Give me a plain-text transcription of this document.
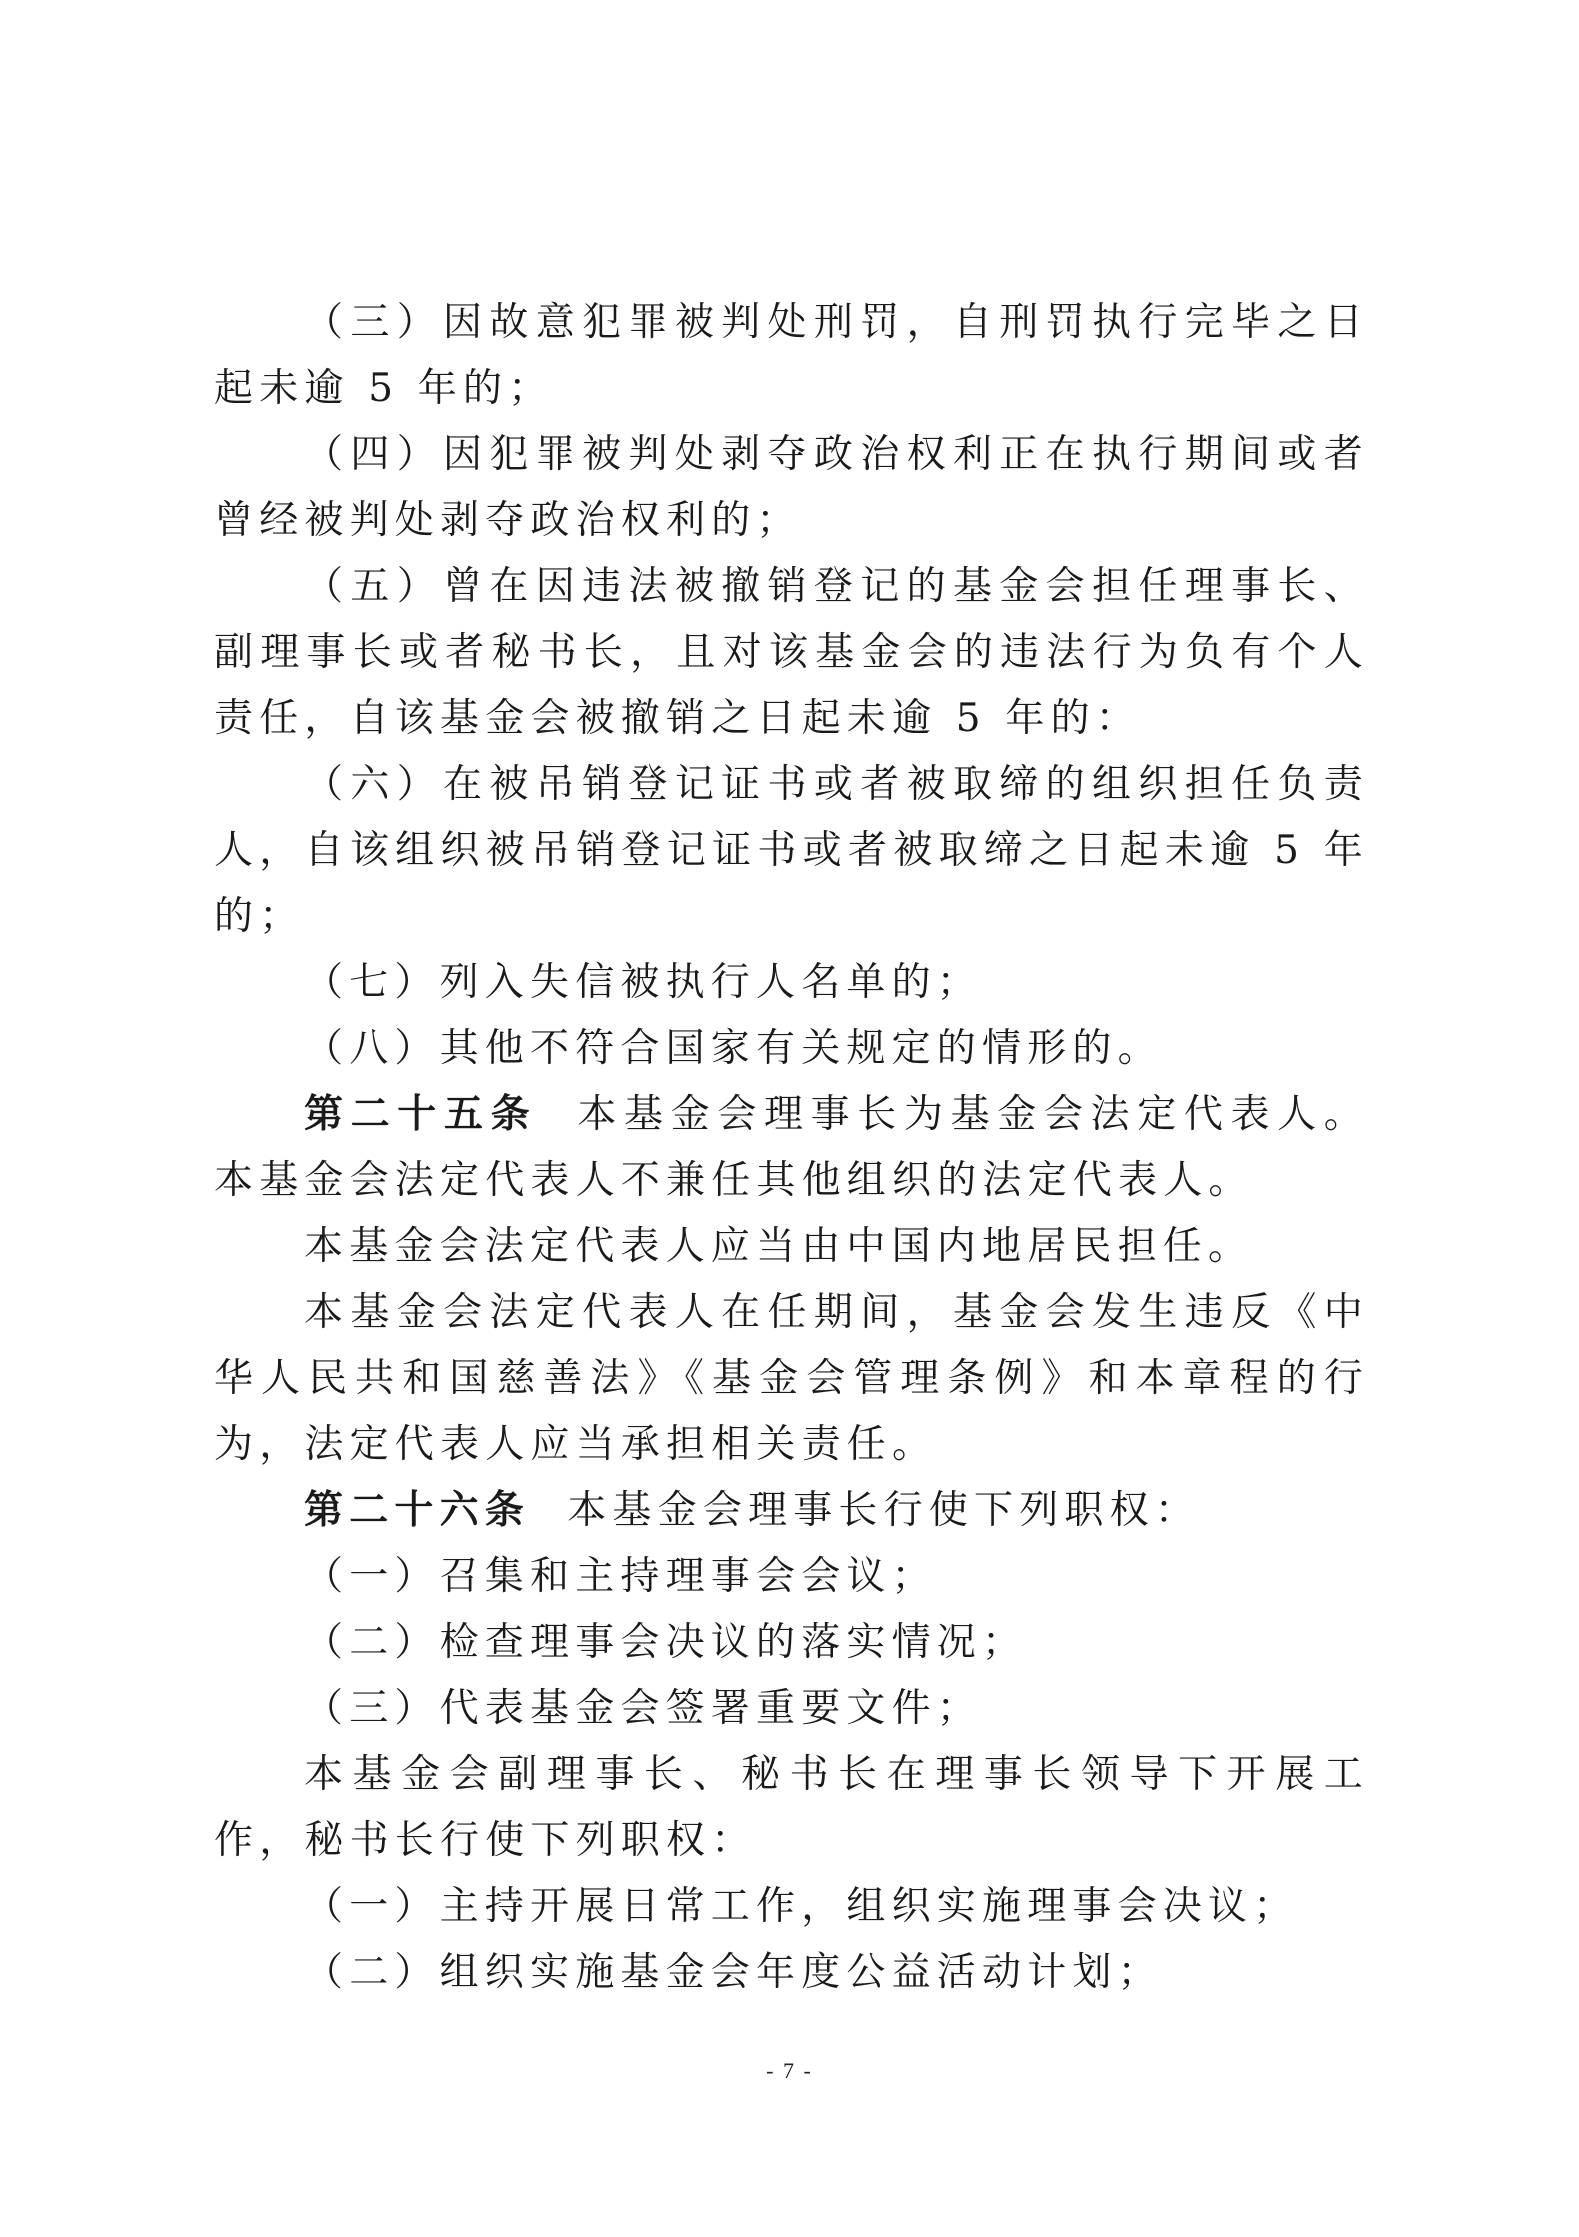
（三）因故意犯罪被判处刑罚，自刑罚执行完毕之日起未逾 5 年的；

（四）因犯罪被判处剥夺政治权利正在执行期间或者曾经被判处剥夺政治权利的；

（五）曾在因违法被撤销登记的基金会担任理事长、副理事长或者秘书长，且对该基金会的违法行为负有个人责任，自该基金会被撤销之日起未逾 5 年的：

（六）在被吊销登记证书或者被取缔的组织担任负责人，自该组织被吊销登记证书或者被取缔之日起未逾 5 年的；

（七）列入失信被执行人名单的；

（八）其他不符合国家有关规定的情形的。

第二十五条 本基金会理事长为基金会法定代表人。本基金会法定代表人不兼任其他组织的法定代表人。

本基金会法定代表人应当由中国内地居民担任。

本基金会法定代表人在任期间，基金会发生违反《中华人民共和国慈善法》《基金会管理条例》和本章程的行为，法定代表人应当承担相关责任。

第二十六条 本基金会理事长行使下列职权：

（一）召集和主持理事会会议；

（二）检查理事会决议的落实情况；

（三）代表基金会签署重要文件；

本基金会副理事长、秘书长在理事长领导下开展工作，秘书长行使下列职权：

（一）主持开展日常工作，组织实施理事会决议；

（二）组织实施基金会年度公益活动计划；

- 7 -
